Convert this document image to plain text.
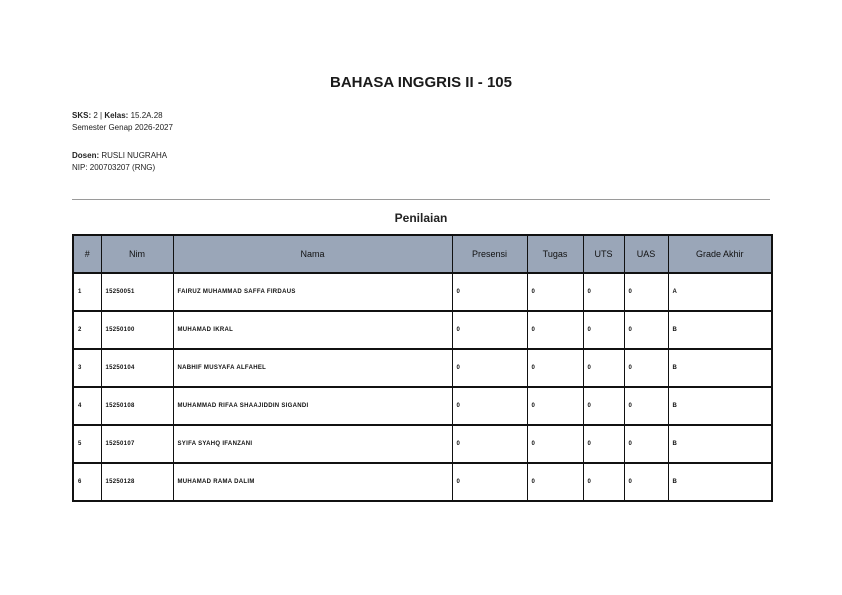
BAHASA INGGRIS II - 105
SKS: 2 | Kelas: 15.2A.28
Semester Genap 2026-2027
Dosen: RUSLI NUGRAHA
NIP: 200703207 (RNG)
Penilaian
#	Nim	Nama	Presensi	Tugas	UTS	UAS	Grade Akhir
1	15250051	FAIRUZ MUHAMMAD SAFFA FIRDAUS	0	0	0	0	A
2	15250100	MUHAMAD IKRAL	0	0	0	0	B
3	15250104	NABHIF MUSYAFA ALFAHEL	0	0	0	0	B
4	15250108	MUHAMMAD RIFAA SHAAJIDDIN SIGANDI	0	0	0	0	B
5	15250107	SYIFA SYAHQ IFANZANI	0	0	0	0	B
6	15250128	MUHAMAD RAMA DALIM	0	0	0	0	B
